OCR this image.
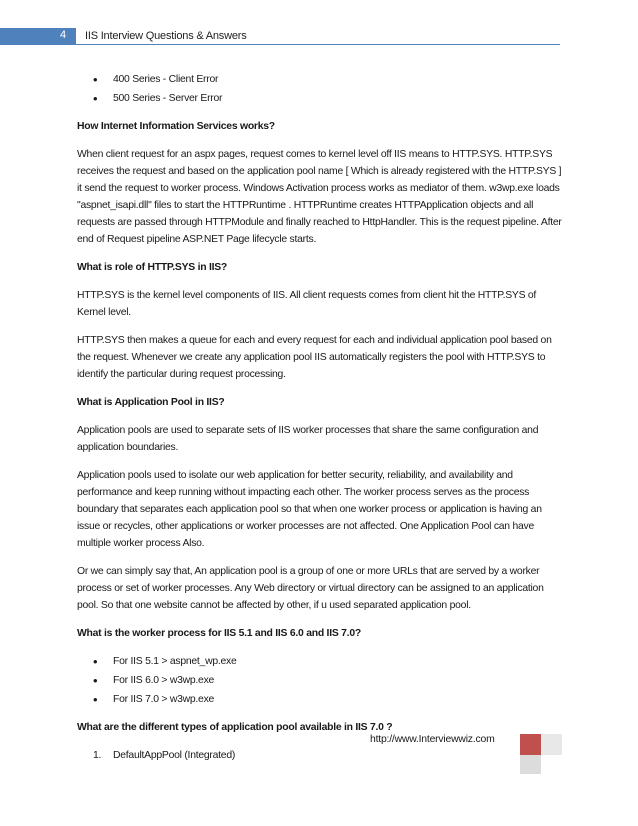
4 IIS Interview Questions & Answers
• 400 Series - Client Error
• 500 Series - Server Error

How Internet Information Services works?

When client request for an aspx pages, request comes to kernel level off IIS means to HTTP.SYS. HTTP.SYS receives the request and based on the application pool name [ Which is already registered with the HTTP.SYS ] it send the request to worker process. Windows Activation process works as mediator of them. w3wp.exe loads "aspnet_isapi.dll" files to start the HTTPRuntime . HTTPRuntime creates HTTPApplication objects and all requests are passed through HTTPModule and finally reached to HttpHandler. This is the request pipeline. After end of Request pipeline ASP.NET Page lifecycle starts.

What is role of HTTP.SYS in IIS?

HTTP.SYS is the kernel level components of IIS. All client requests comes from client hit the HTTP.SYS of Kernel level.

HTTP.SYS then makes a queue for each and every request for each and individual application pool based on the request. Whenever we create any application pool IIS automatically registers the pool with HTTP.SYS to identify the particular during request processing.

What is Application Pool in IIS?

Application pools are used to separate sets of IIS worker processes that share the same configuration and application boundaries.

Application pools used to isolate our web application for better security, reliability, and availability and performance and keep running without impacting each other. The worker process serves as the process boundary that separates each application pool so that when one worker process or application is having an issue or recycles, other applications or worker processes are not affected. One Application Pool can have multiple worker process Also.

Or we can simply say that, An application pool is a group of one or more URLs that are served by a worker process or set of worker processes. Any Web directory or virtual directory can be assigned to an application pool. So that one website cannot be affected by other, if u used separated application pool.

What is the worker process for IIS 5.1 and IIS 6.0 and IIS 7.0?

• For IIS 5.1 > aspnet_wp.exe
• For IIS 6.0 > w3wp.exe
• For IIS 7.0 > w3wp.exe

What are the different types of application pool available in IIS 7.0 ?

1. DefaultAppPool (Integrated)
http://www.Interviewwiz.com
